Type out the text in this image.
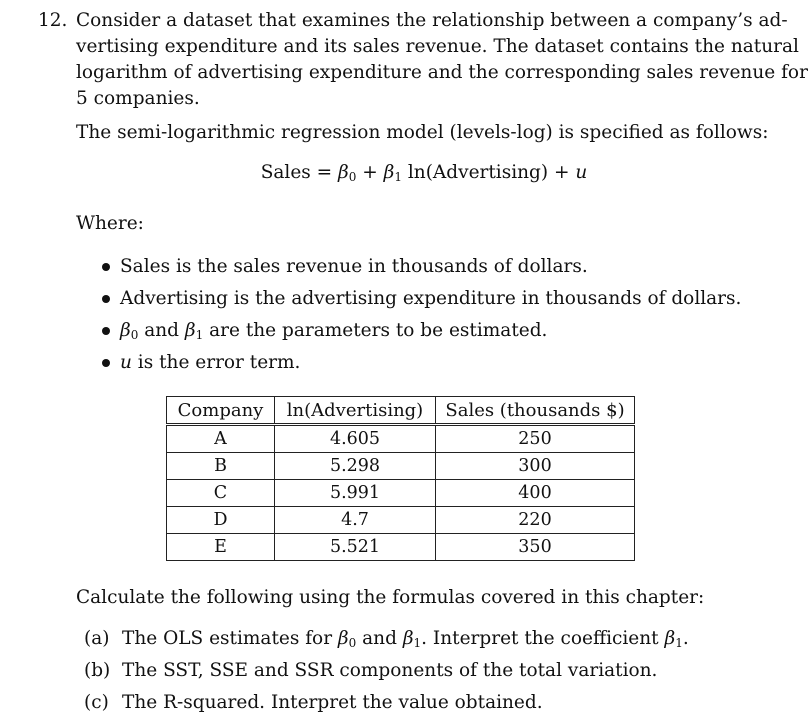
12. Consider a dataset that examines the relationship between a company’s ad-
vertising expenditure and its sales revenue. The dataset contains the natural
logarithm of advertising expenditure and the corresponding sales revenue for
5 companies.
The semi-logarithmic regression model (levels-log) is specified as follows:
Sales = $\beta_0 + \beta_1$ ln(Advertising) + u
Where:
Sales is the sales revenue in thousands of dollars.
Advertising is the advertising expenditure in thousands of dollars.
$\beta_0$ and $\beta_1$ are the parameters to be estimated.
u is the error term.
Company	ln(Advertising)	Sales (thousands $)
A	4.605	250
B	5.298	300
C	5.991	400
D	4.7	220
E	5.521	350
Calculate the following using the formulas covered in this chapter:
(a) The OLS estimates for $\beta_0$ and $\beta_1$. Interpret the coefficient $\beta_1$.
(b) The SST, SSE and SSR components of the total variation.
(c) The R-squared. Interpret the value obtained.
